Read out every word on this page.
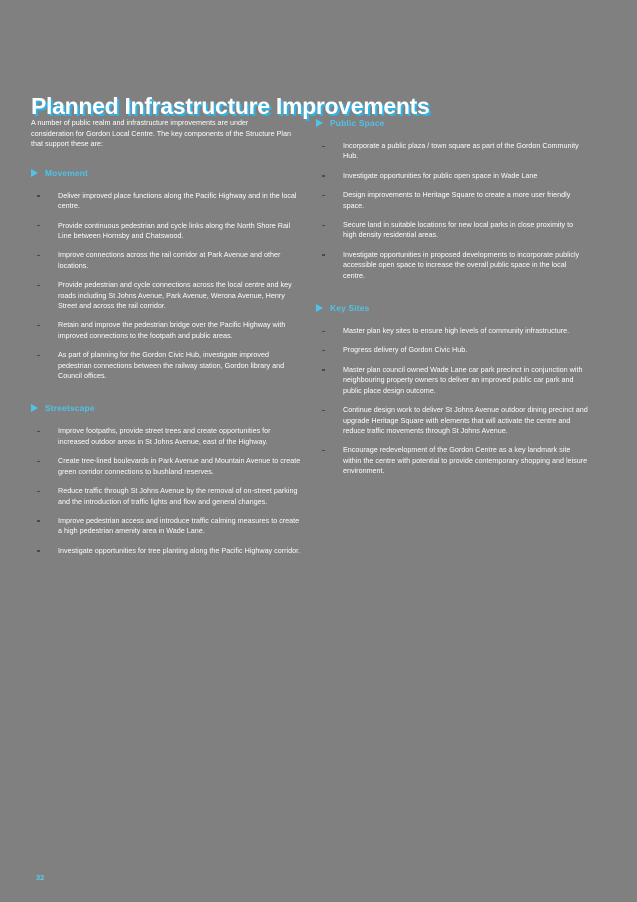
Planned Infrastructure Improvements

A number of public realm and infrastructure improvements are under consideration for Gordon Local Centre. The key components of the Structure Plan that support these are:

Movement
Deliver improved place functions along the Pacific Highway and in the local centre.
Provide continuous pedestrian and cycle links along the North Shore Rail Line between Hornsby and Chatswood.
Improve connections across the rail corridor at Park Avenue and other locations.
Provide pedestrian and cycle connections across the local centre and key roads including St Johns Avenue, Park Avenue, Werona Avenue, Henry Street and across the rail corridor.
Retain and improve the pedestrian bridge over the Pacific Highway with improved connections to the footpath and public areas.
As part of planning for the Gordon Civic Hub, investigate improved pedestrian connections between the railway station, Gordon library and Council offices.
Streetscape
Improve footpaths, provide street trees and create opportunities for increased outdoor areas in St Johns Avenue, east of the Highway.
Create tree-lined boulevards in Park Avenue and Mountain Avenue to create green corridor connections to bushland reserves.
Reduce traffic through St Johns Avenue by the removal of on-street parking and the introduction of traffic lights and flow and general changes.
Improve pedestrian access and introduce traffic calming measures to create a high pedestrian amenity area in Wade Lane.
Investigate opportunities for tree planting along the Pacific Highway corridor.
Public Space
Incorporate a public plaza / town square as part of the Gordon Community Hub.
Investigate opportunities for public open space in Wade Lane
Design improvements to Heritage Square to create a more user friendly space.
Secure land in suitable locations for new local parks in close proximity to high density residential areas.
Investigate opportunities in proposed developments to incorporate publicly accessible open space to increase the overall public space in the local centre.
Key Sites
Master plan key sites to ensure high levels of community infrastructure.
Progress delivery of Gordon Civic Hub.
Master plan council owned Wade Lane car park precinct in conjunction with neighbouring property owners to deliver an improved public car park and public place design outcome.
Continue design work to deliver St Johns Avenue outdoor dining precinct and upgrade Heritage Square with elements that will activate the centre and reduce traffic movements through St Johns Avenue.
Encourage redevelopment of the Gordon Centre as a key landmark site within the centre with potential to provide contemporary shopping and leisure environment.
32
